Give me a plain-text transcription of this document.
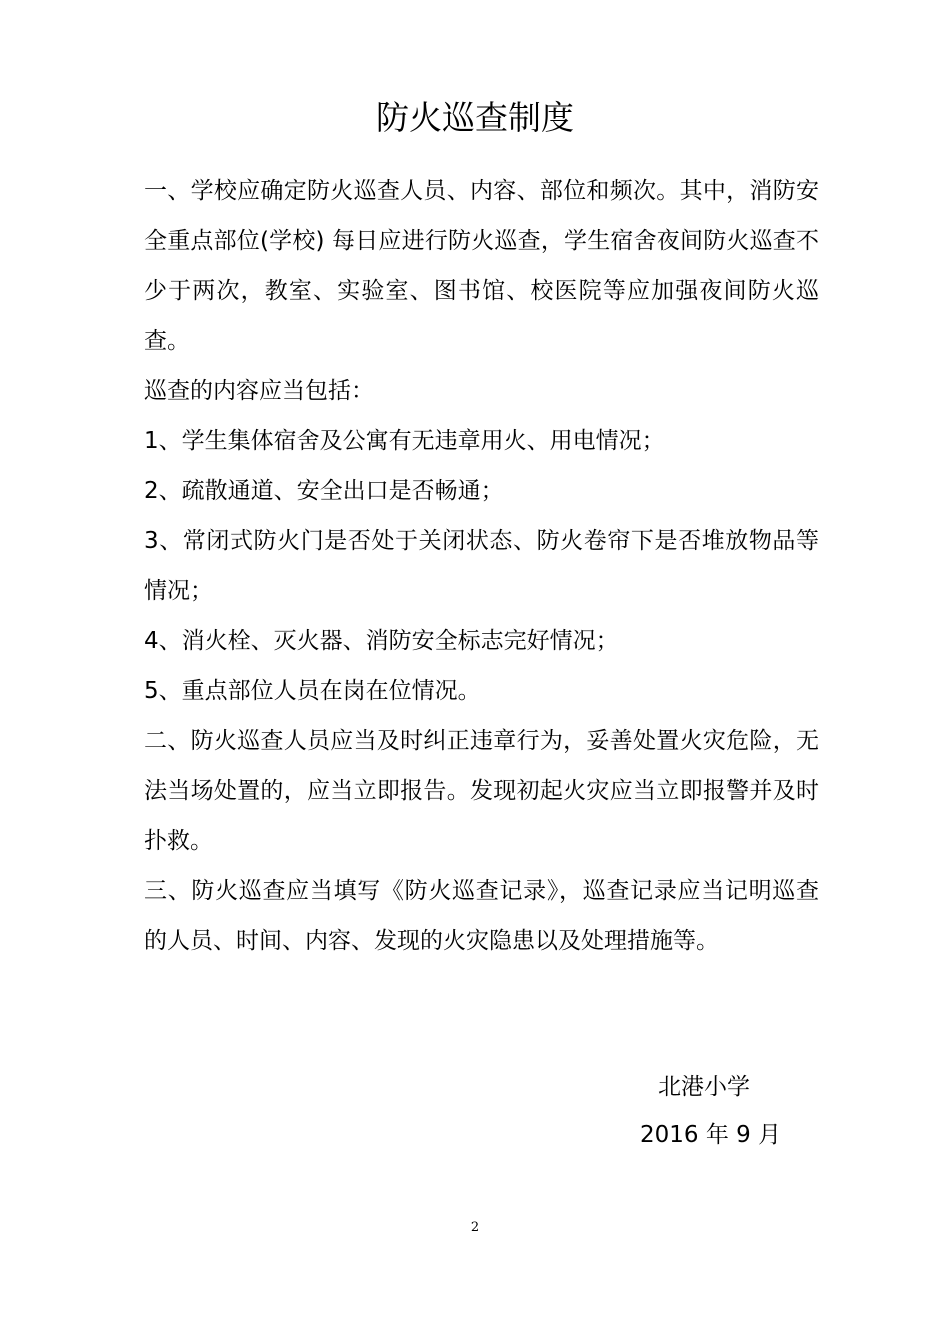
防火巡查制度

一、学校应确定防火巡查人员、内容、部位和频次。其中，消防安全重点部位(学校) 每日应进行防火巡查，学生宿舍夜间防火巡查不少于两次，教室、实验室、图书馆、校医院等应加强夜间防火巡查。

巡查的内容应当包括：

1、学生集体宿舍及公寓有无违章用火、用电情况；

2、疏散通道、安全出口是否畅通；

3、常闭式防火门是否处于关闭状态、防火卷帘下是否堆放物品等情况；

4、消火栓、灭火器、消防安全标志完好情况；

5、重点部位人员在岗在位情况。

二、防火巡查人员应当及时纠正违章行为，妥善处置火灾危险，无法当场处置的，应当立即报告。发现初起火灾应当立即报警并及时扑救。

三、防火巡查应当填写《防火巡查记录》，巡查记录应当记明巡查的人员、时间、内容、发现的火灾隐患以及处理措施等。

北港小学
2016 年 9 月
2
